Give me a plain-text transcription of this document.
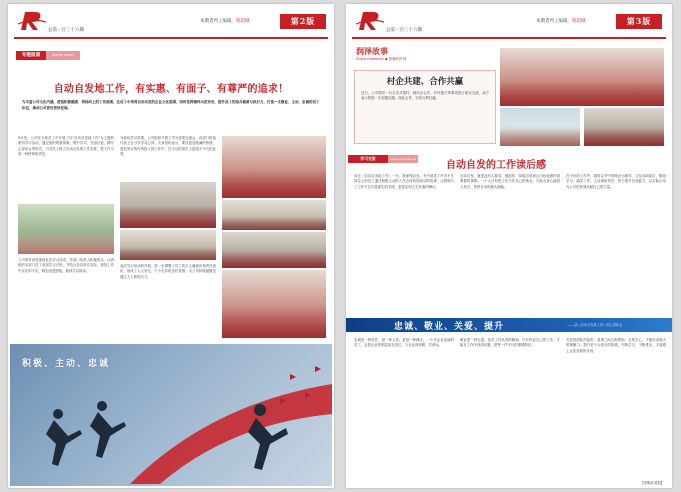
总第一百三十六期
本期責判 | 编辑：蔡超城	第2版
专题报道	special report
自动自发地工作，有实惠、有面子、有尊严的追求！

为丰富公司文化内涵，营造积极健康、昂扬向上的工作氛围，在员工中培育自动自发的企业文化氛围，同时发挥榜样示范作用，提升员工的综合素质与执行力，打造一支敬业、主动、忠诚的员工队伍，推动公司更好更快发展。

9月初，公司在全体员工中开展了以"自动自发地工作"为主题的系列学习活动，通过组织观看视频、集中学习、分组讨论、撰写心得体会等形式，引导员工树立自动自发的工作态度，把工作当成一种使命和责任。

公司领导高度重视此次学习活动，各部门负责人积极带头，认真组织本部门员工参加学习讨论，并结合各自岗位实际，查找工作中存在的不足，制定改进措施，做到学以致用。

为检验学习效果，公司组织开展了学习成果交流会，各部门推选代表上台分享学习心得。大家纷纷表示，要以更加饱满的热情、更加务实的作风投入到工作中，在平凡的岗位上创造不平凡的业绩。

此次学习活动的开展，进一步增强了员工的主人翁意识和责任意识，形成了人人争先、个个出彩的良好氛围，为公司持续健康发展注入了新的活力。

积极、主动、忠诚
总第一百三十六期
本期責判 | 编辑：蔡超城	第3版
润泽故事
Share moments ◆ 鼓舞的时刻
村企共建、合作共赢

近日，公司领导一行走访共建村，就村企合作、乡村振兴等事项进行座谈交流，双方表示将进一步加强沟通、深化合作，实现互利共赢。

学习交流	Learning Exchange
自动自发的工作读后感

读完《自动自发地工作》一书，我深受启发。书中讲述了许多平凡岗位上的员工通过积极主动的工作态度取得成功的故事，让我明白了工作不仅仅是谋生的手段，更是实现人生价值的舞台。

自动自发，就是没有人要求、强迫你，却能自觉而且出色地做好需要做的事情。一个人只有把工作当作自己的事业，才能全身心地投入其中，发挥自身的最大潜能。

在今后的工作中，我将以书中的理念为指导，立足本职岗位，勤奋学习，踏实工作，主动承担责任，努力提升自身能力，以实际行动为公司的发展贡献自己的力量。

忠诚、敬业、关爱、提升	——读《自动自发地工作》的心得体会

忠诚是一种责任，是一种义务，更是一种操守。一个对企业忠诚的员工，会把企业的利益放在首位，与企业同呼吸、共命运。

敬业是一种态度，是对工作负责的精神。只有热爱自己的工作，才能在工作中找到乐趣，把每一件平凡的事情做好。

关爱是团队的纽带，同事之间互相帮助、互相关心，才能形成强大的凝聚力。提升是个人成长的阶梯，不断学习、不断进步，才能跟上企业发展的步伐。

【采购部 陈凯】
